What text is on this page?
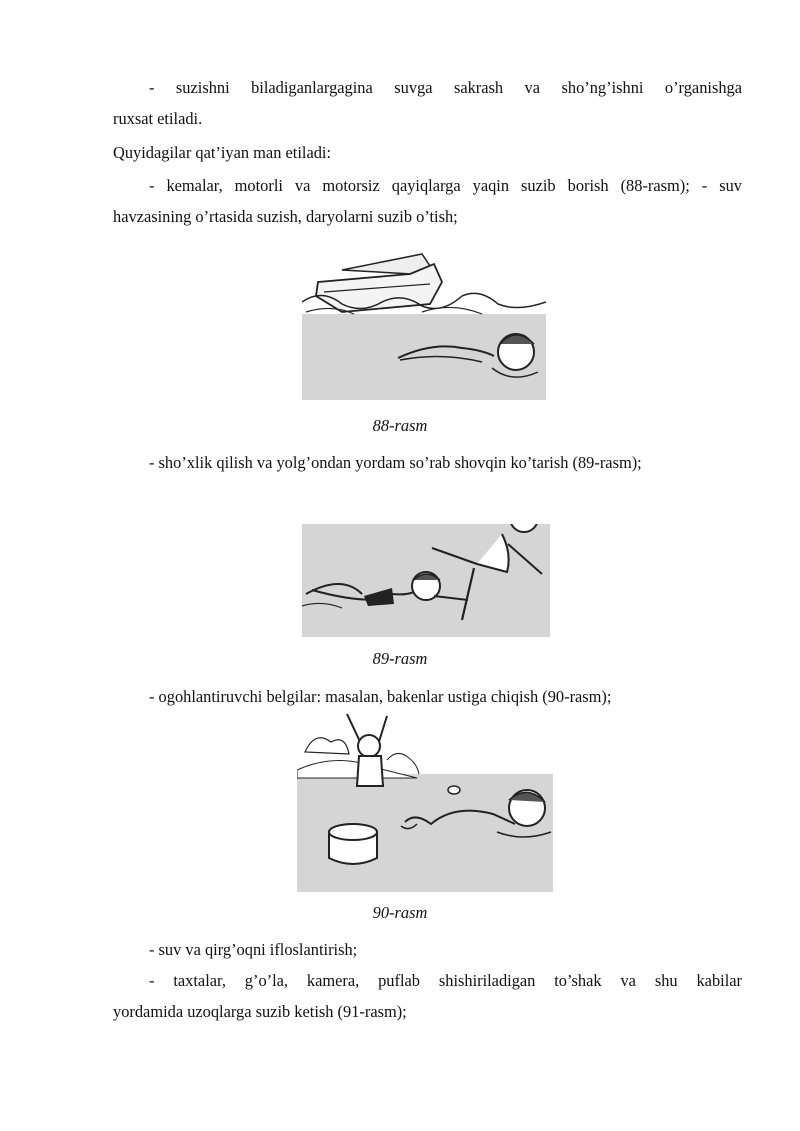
- suzishni biladiganlargagina suvga sakrash va sho’ng’ishni o’rganishga

ruxsat etiladi.

Quyidagilar qat’iyan man etiladi:

- kemalar, motorli va motorsiz qayiqlarga yaqin suzib borish (88-rasm); - suv

havzasining o’rtasida suzish, daryolarni suzib o’tish;

88-rasm

- sho’xlik qilish va yolg’ondan yordam so’rab shovqin ko’tarish (89-rasm);

89-rasm

- ogohlantiruvchi belgilar: masalan, bakenlar ustiga chiqish (90-rasm);

90-rasm

- suv va qirg’oqni ifloslantirish;

- taxtalar, g’o’la, kamera, puflab shishiriladigan to’shak va shu kabilar

yordamida uzoqlarga suzib ketish (91-rasm);
